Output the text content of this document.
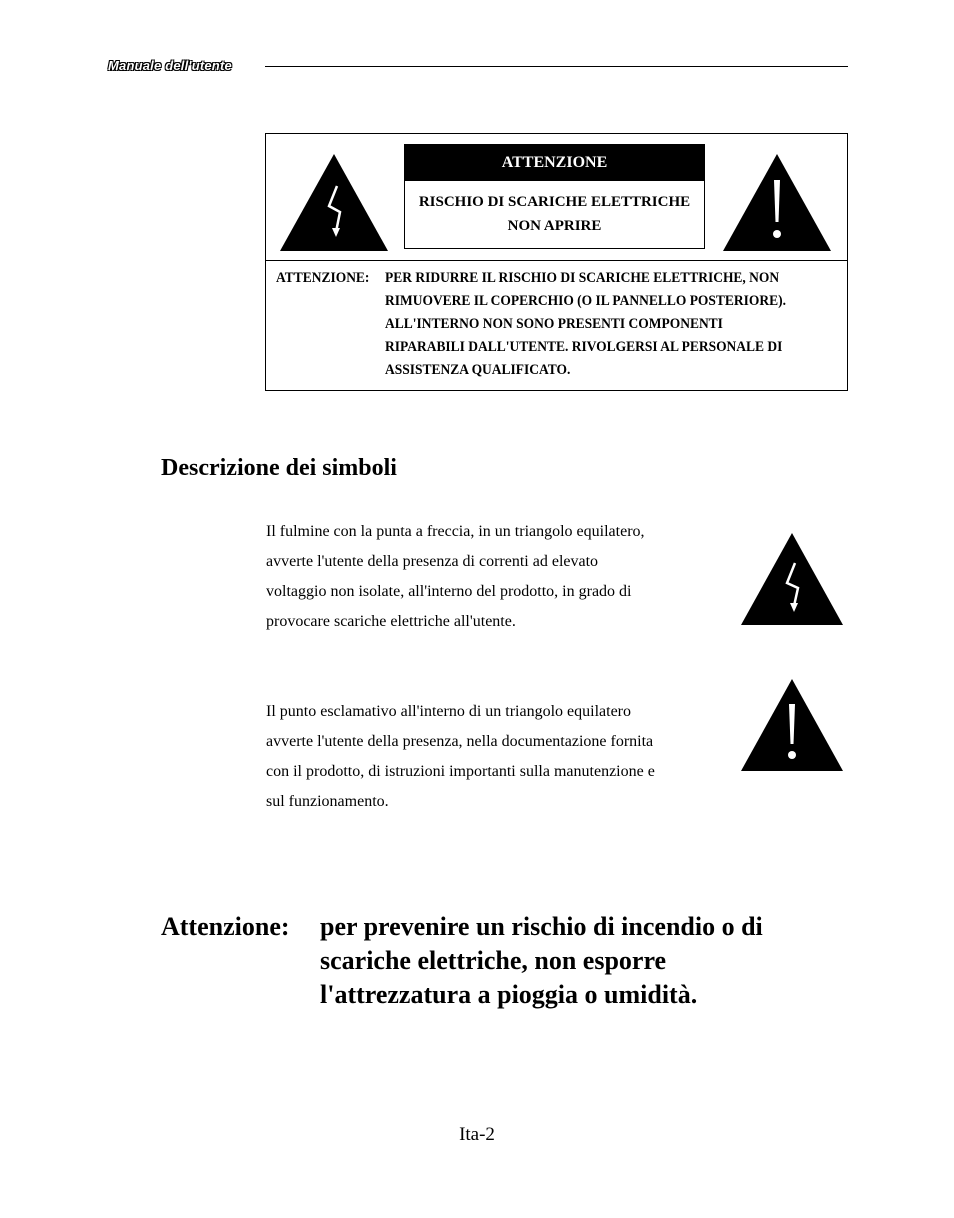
Manuale dell'utente
ATTENZIONE
RISCHIO DI SCARICHE ELETTRICHE
NON APRIRE
ATTENZIONE: PER RIDURRE IL RISCHIO DI SCARICHE ELETTRICHE, NON
RIMUOVERE IL COPERCHIO (O IL PANNELLO POSTERIORE).
ALL'INTERNO NON SONO PRESENTI COMPONENTI
RIPARABILI DALL'UTENTE. RIVOLGERSI AL PERSONALE DI
ASSISTENZA QUALIFICATO.
Descrizione dei simboli
Il fulmine con la punta a freccia, in un triangolo equilatero,
avverte l'utente della presenza di correnti ad elevato
voltaggio non isolate, all'interno del prodotto, in grado di
provocare scariche elettriche all'utente.
Il punto esclamativo all'interno di un triangolo equilatero
avverte l'utente della presenza, nella documentazione fornita
con il prodotto, di istruzioni importanti sulla manutenzione e
sul funzionamento.
Attenzione: per prevenire un rischio di incendio o di
scariche elettriche, non esporre
l'attrezzatura a pioggia o umidità.
Ita-2
